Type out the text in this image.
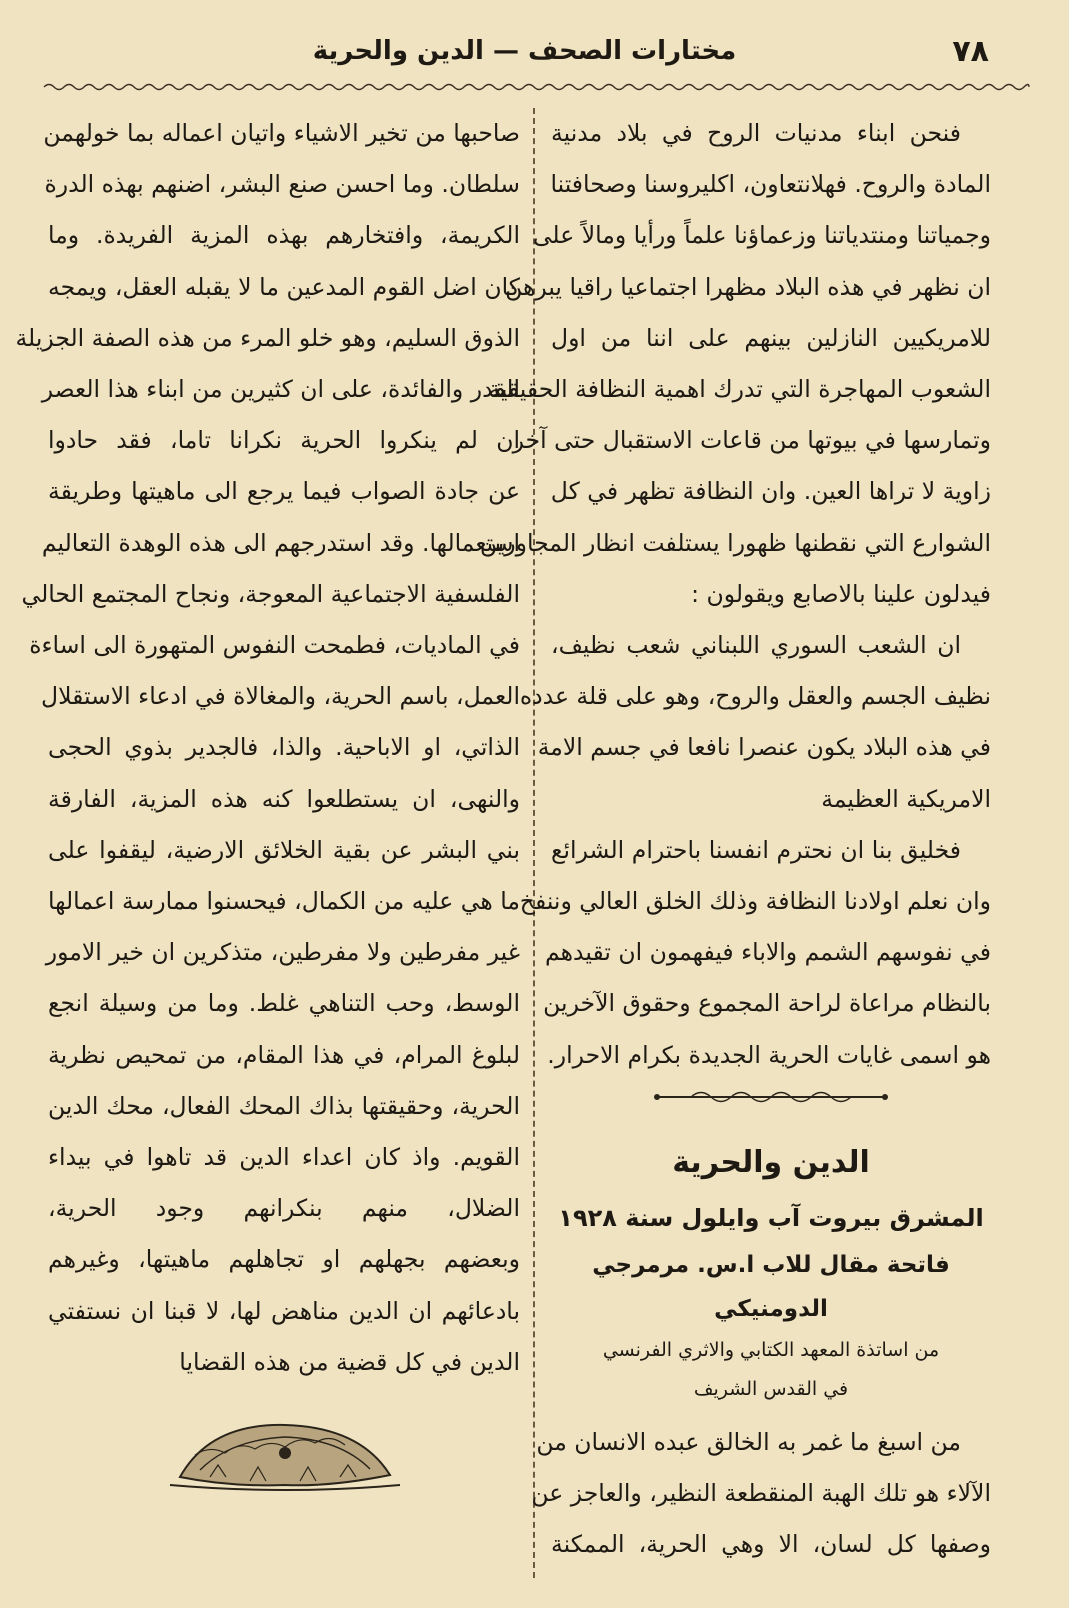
٧٨
مختارات الصحف — الدين والحرية
فنحن ابناء مدنيات الروح في بلاد مدنية
المادة والروح. فهلانتعاون، اكليروسنا وصحافتنا
وجمياتنا ومنتدياتنا وزعماؤنا علماً ورأيا ومالاً على
ان نظهر في هذه البلاد مظهرا اجتماعيا راقيا يبرهن
للامريكيين النازلين بينهم على اننا من اول
الشعوب المهاجرة التي تدرك اهمية النظافة الحقيقية
وتمارسها في بيوتها من قاعات الاستقبال حتى آخر
زاوية لا تراها العين. وان النظافة تظهر في كل
الشوارع التي نقطنها ظهورا يستلفت انظار المجاورين
فيدلون علينا بالاصابع ويقولون :
ان الشعب السوري اللبناني شعب نظيف،
نظيف الجسم والعقل والروح، وهو على قلة عدده
في هذه البلاد يكون عنصرا نافعا في جسم الامة
الامريكية العظيمة
فخليق بنا ان نحترم انفسنا باحترام الشرائع
وان نعلم اولادنا النظافة وذلك الخلق العالي وننفخ
في نفوسهم الشمم والاباء فيفهمون ان تقيدهم
بالنظام مراعاة لراحة المجموع وحقوق الآخرين
هو اسمى غايات الحرية الجديدة بكرام الاحرار.
الدين والحرية
المشرق بيروت آب وايلول سنة ١٩٢٨
فاتحة مقال للاب ا.س. مرمرجي الدومنيكي
من اساتذة المعهد الكتابي والاثري الفرنسي
في القدس الشريف
من اسبغ ما غمر به الخالق عبده الانسان من
الآلاء هو تلك الهبة المنقطعة النظير، والعاجز عن
وصفها كل لسان، الا وهي الحرية، الممكنة
صاحبها من تخير الاشياء واتيان اعماله بما خولهمن
سلطان. وما احسن صنع البشر، اضنهم بهذه الدرة
الكريمة، وافتخارهم بهذه المزية الفريدة. وما
كان اضل القوم المدعين ما لا يقبله العقل، ويمجه
الذوق السليم، وهو خلو المرء من هذه الصفة الجزيلة
القدر والفائدة، على ان كثيرين من ابناء هذا العصر
ان لم ينكروا الحرية نكرانا تاما، فقد حادوا
عن جادة الصواب فيما يرجع الى ماهيتها وطريقة
استعمالها. وقد استدرجهم الى هذه الوهدة التعاليم
الفلسفية الاجتماعية المعوجة، ونجاح المجتمع الحالي
في الماديات، فطمحت النفوس المتهورة الى اساءة
العمل، باسم الحرية، والمغالاة في ادعاء الاستقلال
الذاتي، او الاباحية. والذا، فالجدير بذوي الحجى
والنهى، ان يستطلعوا كنه هذه المزية، الفارقة
بني البشر عن بقية الخلائق الارضية، ليقفوا على
ما هي عليه من الكمال، فيحسنوا ممارسة اعمالها
غير مفرطين ولا مفرطين، متذكرين ان خير الامور
الوسط، وحب التناهي غلط. وما من وسيلة انجع
لبلوغ المرام، في هذا المقام، من تمحيص نظرية
الحرية، وحقيقتها بذاك المحك الفعال، محك الدين
القويم. واذ كان اعداء الدين قد تاهوا في بيداء
الضلال، منهم بنكرانهم وجود الحرية،
وبعضهم بجهلهم او تجاهلهم ماهيتها، وغيرهم
بادعائهم ان الدين مناهض لها، لا قبنا ان نستفتي
الدين في كل قضية من هذه القضايا
